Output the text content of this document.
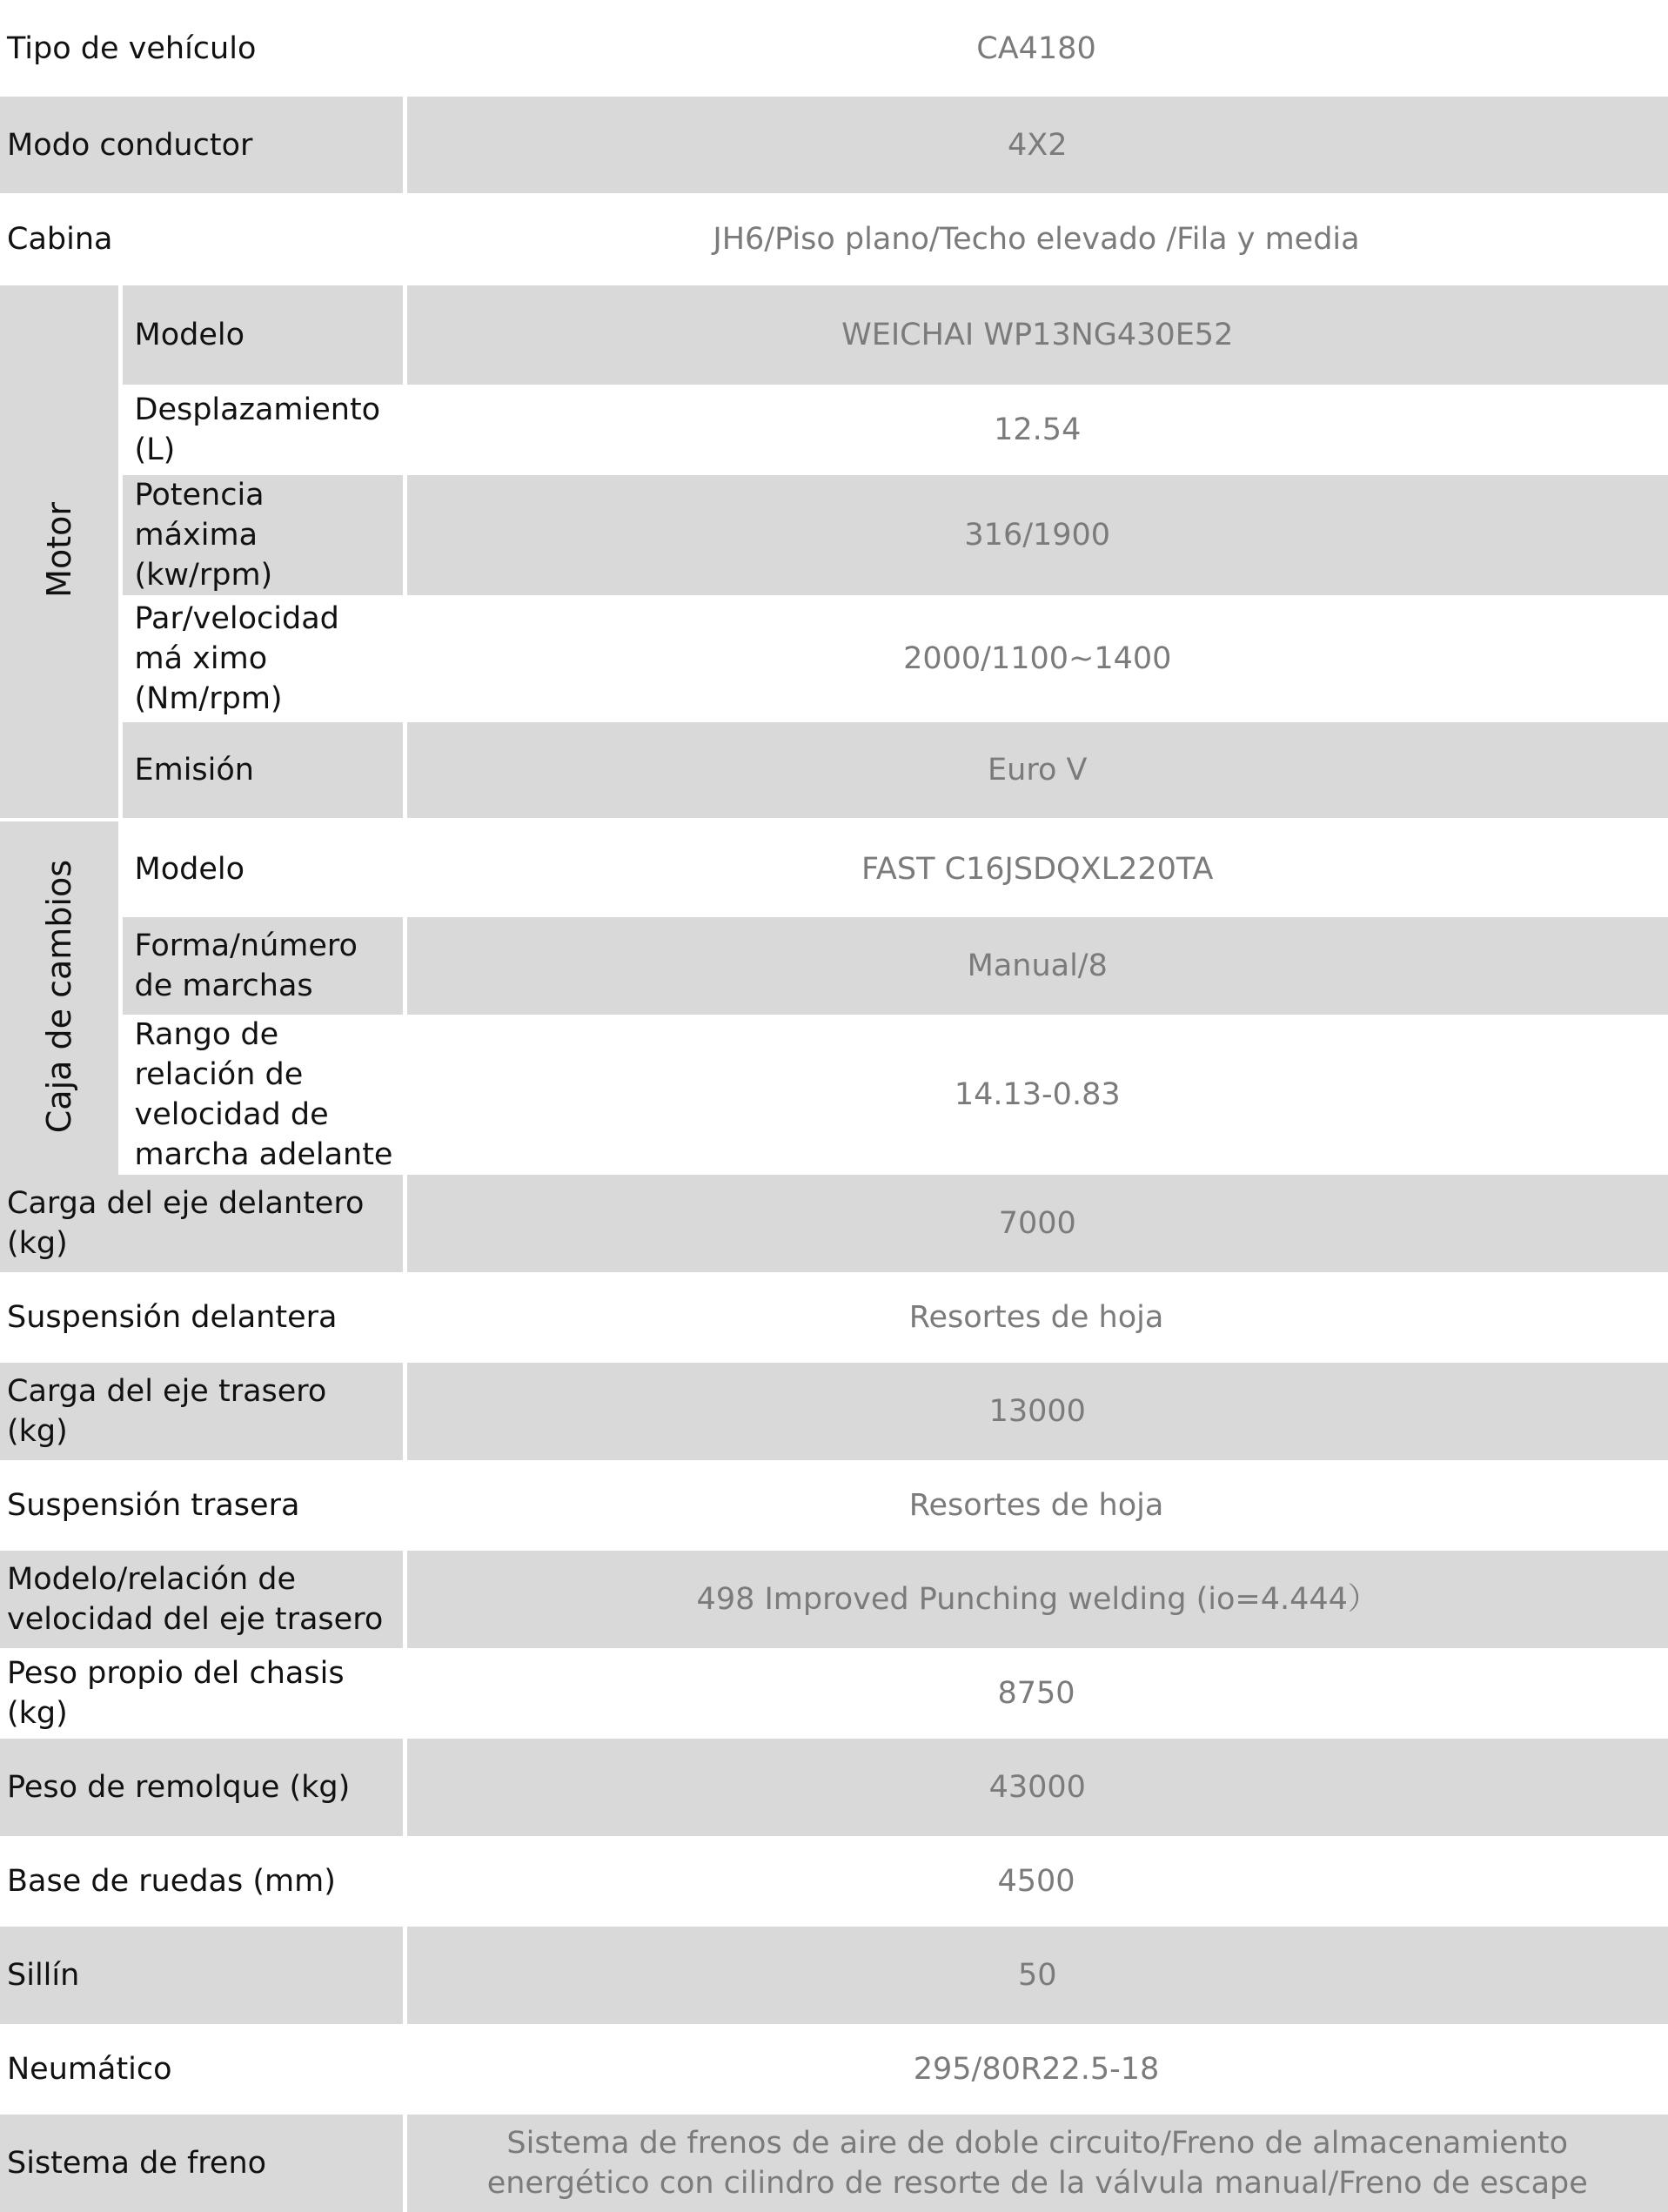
Tipo de vehículo		CA4180
Modo conductor		4X2
Cabina		JH6/Piso plano/Techo elevado /Fila y media
Motor	Modelo	WEICHAI WP13NG430E52
	Desplazamiento (L)	12.54
	Potencia máxima (kw/rpm)	316/1900
	Par/velocidad má ximo (Nm/rpm)	2000/1100~1400
	Emisión	Euro V
Caja de cambios	Modelo	FAST C16JSDQXL220TA
	Forma/número de marchas	Manual/8
	Rango de relación de velocidad de marcha adelante	14.13-0.83
Carga del eje delantero (kg)		7000
Suspensión delantera		Resortes de hoja
Carga del eje trasero (kg)		13000
Suspensión trasera		Resortes de hoja
Modelo/relación de velocidad del eje trasero		498 Improved Punching welding (io=4.444）
Peso propio del chasis (kg)		8750
Peso de remolque (kg)		43000
Base de ruedas (mm)		4500
Sillín		50
Neumático		295/80R22.5-18
Sistema de freno		Sistema de frenos de aire de doble circuito/Freno de almacenamiento energético con cilindro de resorte de la válvula manual/Freno de escape
